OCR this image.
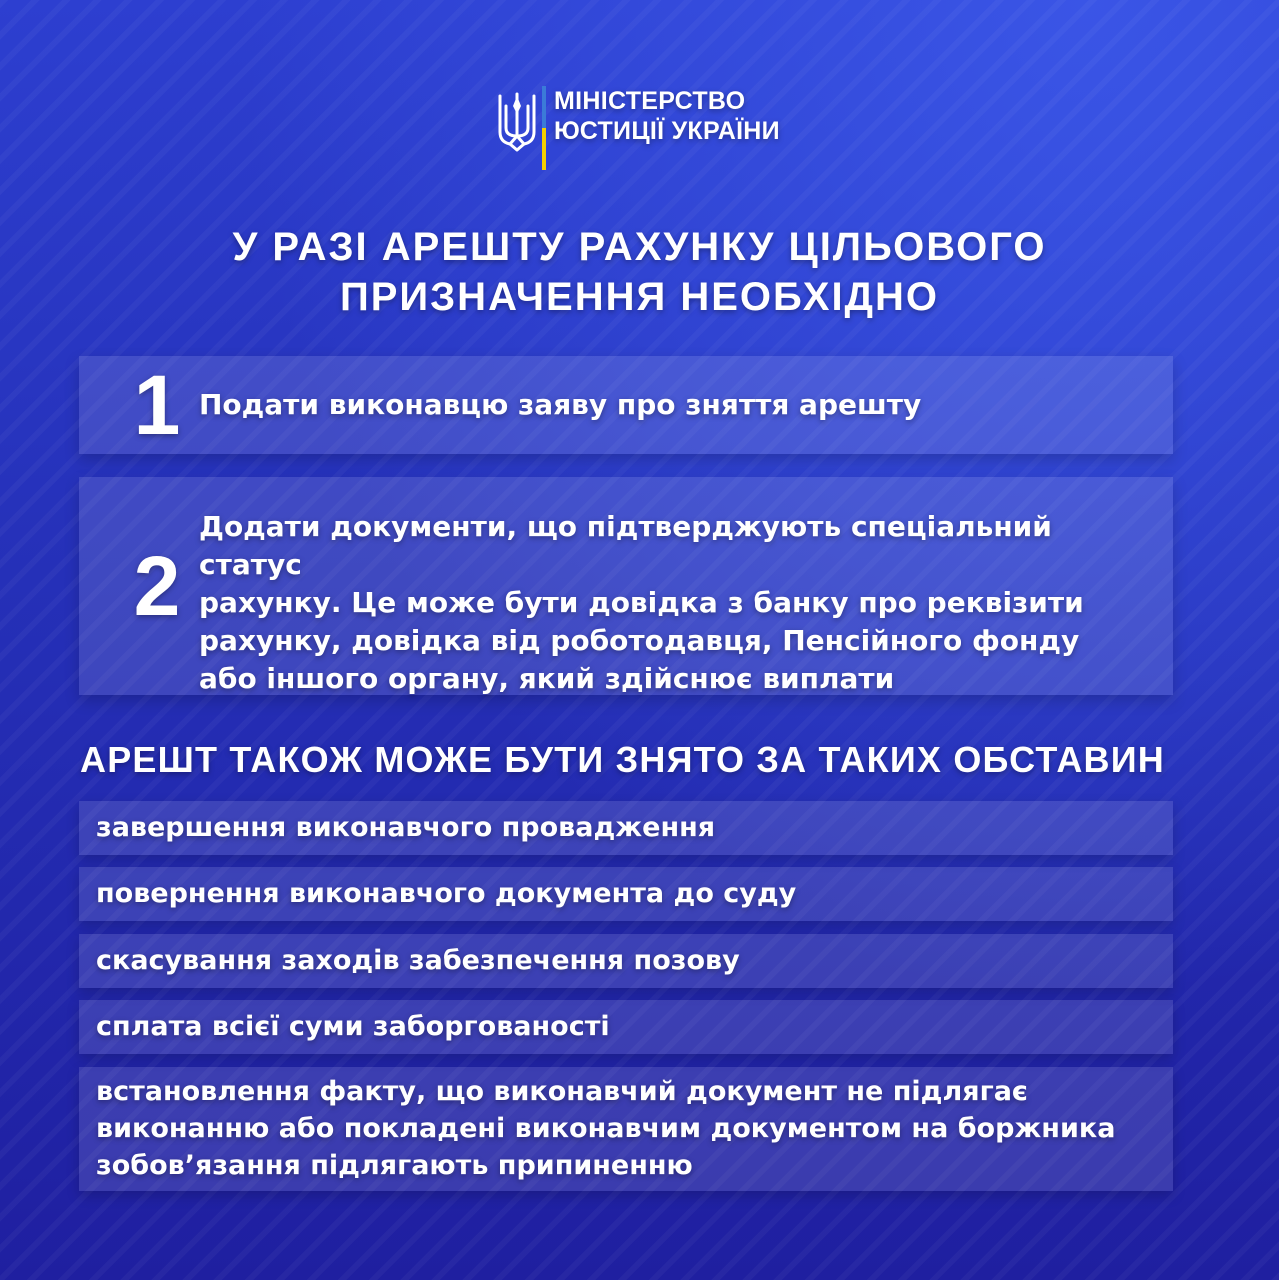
МІНІСТЕРСТВО
ЮСТИЦІЇ УКРАЇНИ
У РАЗІ АРЕШТУ РАХУНКУ ЦІЛЬОВОГО
ПРИЗНАЧЕННЯ НЕОБХІДНО
1 Подати виконавцю заяву про зняття арешту
2
Додати документи, що підтверджують спеціальний статус
рахунку. Це може бути довідка з банку про реквізити
рахунку, довідка від роботодавця, Пенсійного фонду
або іншого органу, який здійснює виплати
АРЕШТ ТАКОЖ МОЖЕ БУТИ ЗНЯТО ЗА ТАКИХ ОБСТАВИН
завершення виконавчого провадження
повернення виконавчого документа до суду
скасування заходів забезпечення позову
сплата всієї суми заборгованості
встановлення факту, що виконавчий документ не підлягає
виконанню або покладені виконавчим документом на боржника
зобов’язання підлягають припиненню
